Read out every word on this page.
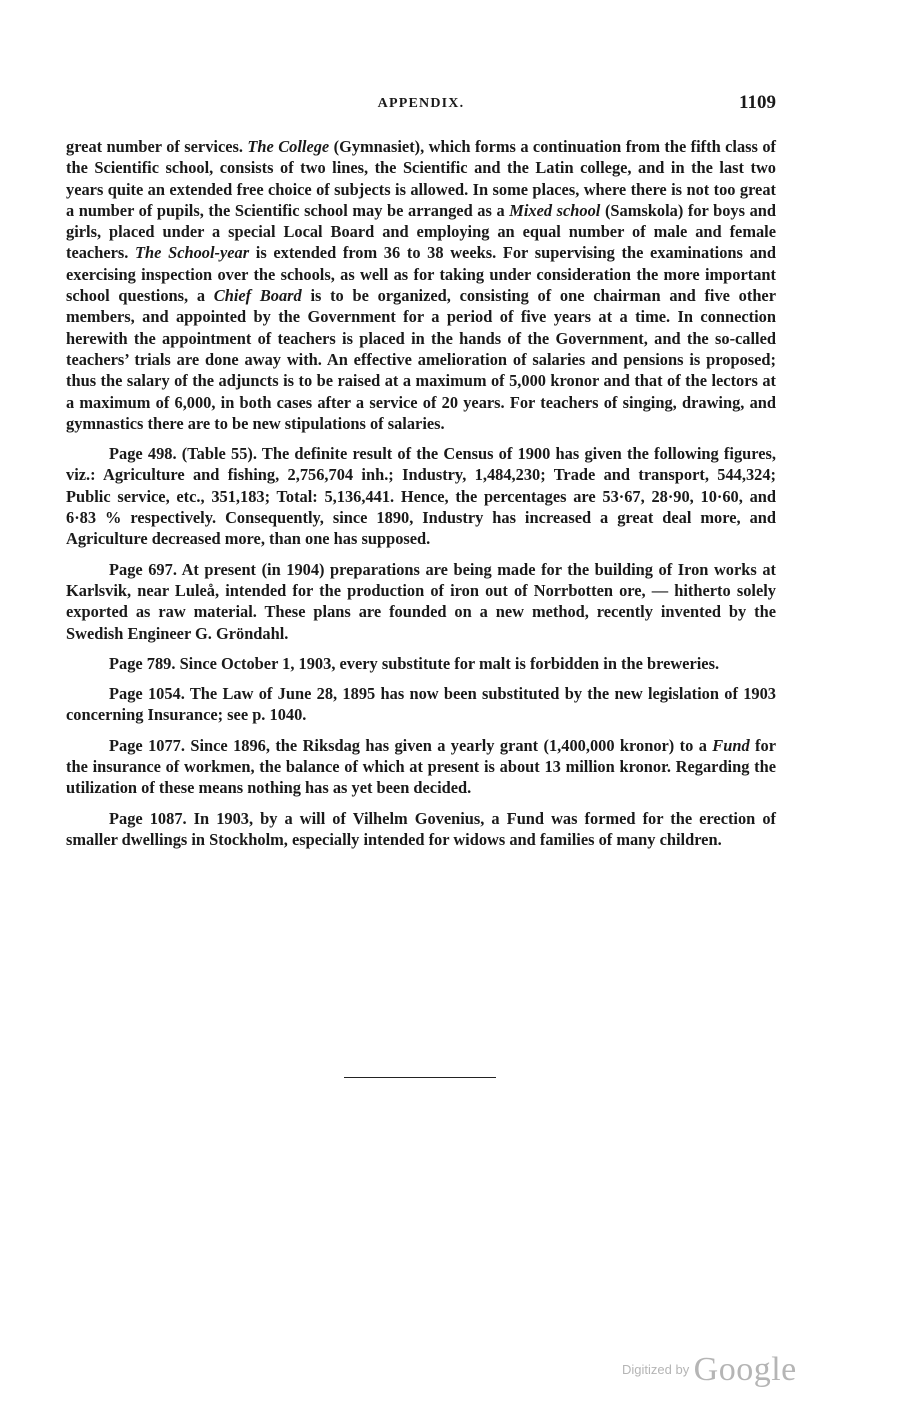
APPENDIX.	1109

great number of services. The College (Gymnasiet), which forms a continuation from the fifth class of the Scientific school, consists of two lines, the Scientific and the Latin college, and in the last two years quite an extended free choice of subjects is allowed. In some places, where there is not too great a number of pupils, the Scientific school may be arranged as a Mixed school (Samskola) for boys and girls, placed under a special Local Board and employing an equal number of male and female teachers. The School-year is extended from 36 to 38 weeks. For supervising the examinations and exercising inspection over the schools, as well as for taking under consideration the more important school questions, a Chief Board is to be organized, consisting of one chairman and five other members, and appointed by the Government for a period of five years at a time. In connection herewith the appointment of teachers is placed in the hands of the Government, and the so-called teachers’ trials are done away with. An effective amelioration of salaries and pensions is proposed; thus the salary of the adjuncts is to be raised at a maximum of 5,000 kronor and that of the lectors at a maximum of 6,000, in both cases after a service of 20 years. For teachers of singing, drawing, and gymnastics there are to be new stipulations of salaries.

Page 498. (Table 55). The definite result of the Census of 1900 has given the following figures, viz.: Agriculture and fishing, 2,756,704 inh.; Industry, 1,484,230; Trade and transport, 544,324; Public service, etc., 351,183; Total: 5,136,441. Hence, the percentages are 53·67, 28·90, 10·60, and 6·83 % respectively. Consequently, since 1890, Industry has increased a great deal more, and Agriculture decreased more, than one has supposed.

Page 697. At present (in 1904) preparations are being made for the building of Iron works at Karlsvik, near Luleå, intended for the production of iron out of Norrbotten ore, — hitherto solely exported as raw material. These plans are founded on a new method, recently invented by the Swedish Engineer G. Gröndahl.

Page 789. Since October 1, 1903, every substitute for malt is forbidden in the breweries.

Page 1054. The Law of June 28, 1895 has now been substituted by the new legislation of 1903 concerning Insurance; see p. 1040.

Page 1077. Since 1896, the Riksdag has given a yearly grant (1,400,000 kronor) to a Fund for the insurance of workmen, the balance of which at present is about 13 million kronor. Regarding the utilization of these means nothing has as yet been decided.

Page 1087. In 1903, by a will of Vilhelm Govenius, a Fund was formed for the erection of smaller dwellings in Stockholm, especially intended for widows and families of many children.

$^{Digitized by}$ Google
